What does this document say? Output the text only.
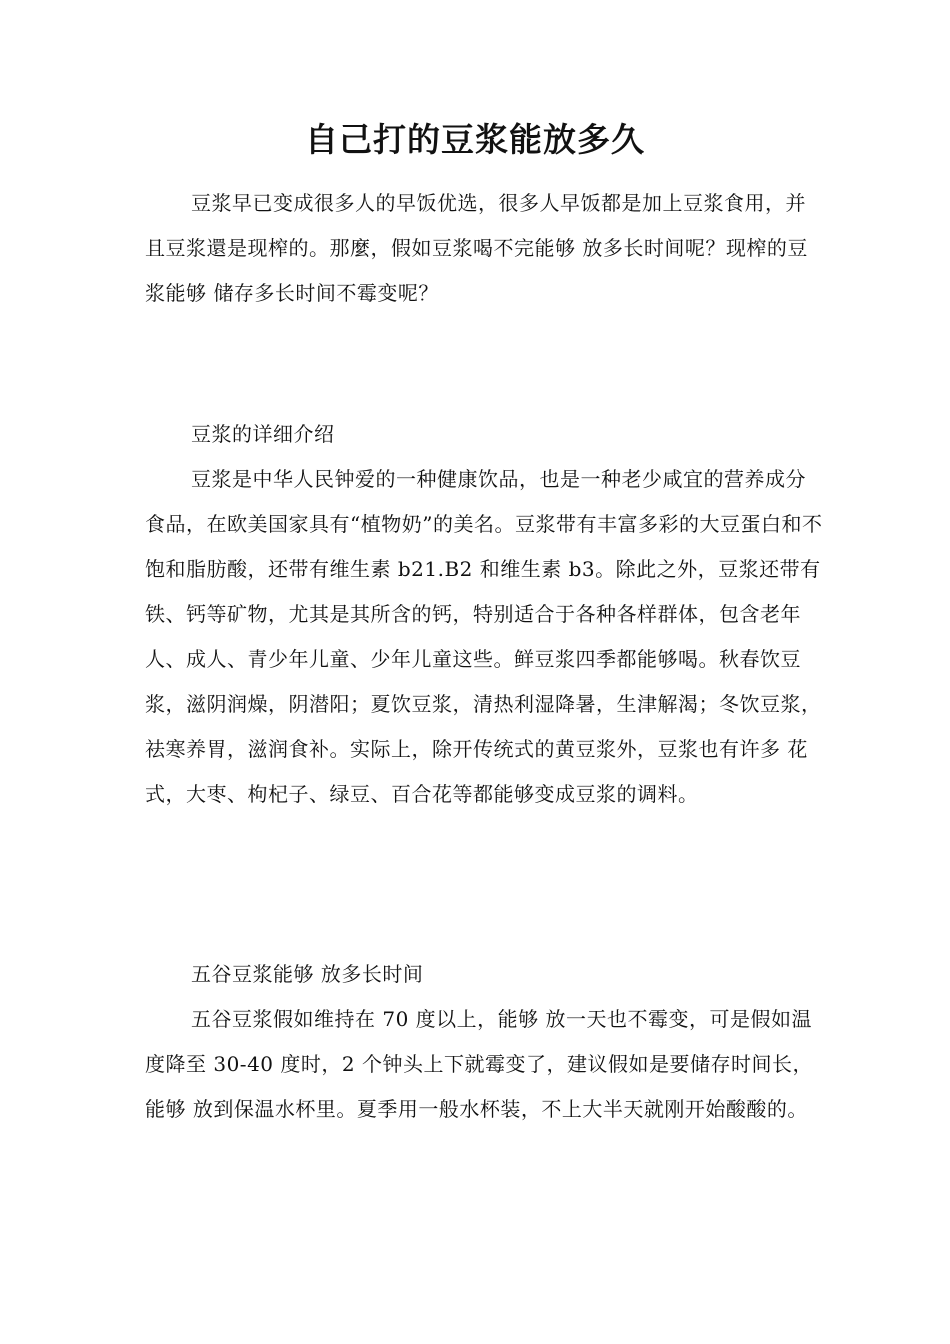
自己打的豆浆能放多久

豆浆早已变成很多人的早饭优选，很多人早饭都是加上豆浆食用，并且豆浆還是现榨的。那麼，假如豆浆喝不完能够 放多长时间呢？现榨的豆浆能够 储存多长时间不霉变呢？

豆浆的详细介绍

豆浆是中华人民钟爱的一种健康饮品，也是一种老少咸宜的营养成分食品，在欧美国家具有“植物奶”的美名。豆浆带有丰富多彩的大豆蛋白和不饱和脂肪酸，还带有维生素 b21.B2 和维生素 b3。除此之外，豆浆还带有铁、钙等矿物，尤其是其所含的钙，特别适合于各种各样群体，包含老年人、成人、青少年儿童、少年儿童这些。鲜豆浆四季都能够喝。秋春饮豆浆，滋阴润燥，阴潜阳；夏饮豆浆，清热利湿降暑，生津解渴；冬饮豆浆，祛寒养胃，滋润食补。实际上，除开传统式的黄豆浆外，豆浆也有许多 花式，大枣、枸杞子、绿豆、百合花等都能够变成豆浆的调料。

五谷豆浆能够 放多长时间

五谷豆浆假如维持在 70 度以上，能够 放一天也不霉变，可是假如温度降至 30-40 度时，2 个钟头上下就霉变了，建议假如是要储存时间长，能够 放到保温水杯里。夏季用一般水杯装，不上大半天就刚开始酸酸的。
